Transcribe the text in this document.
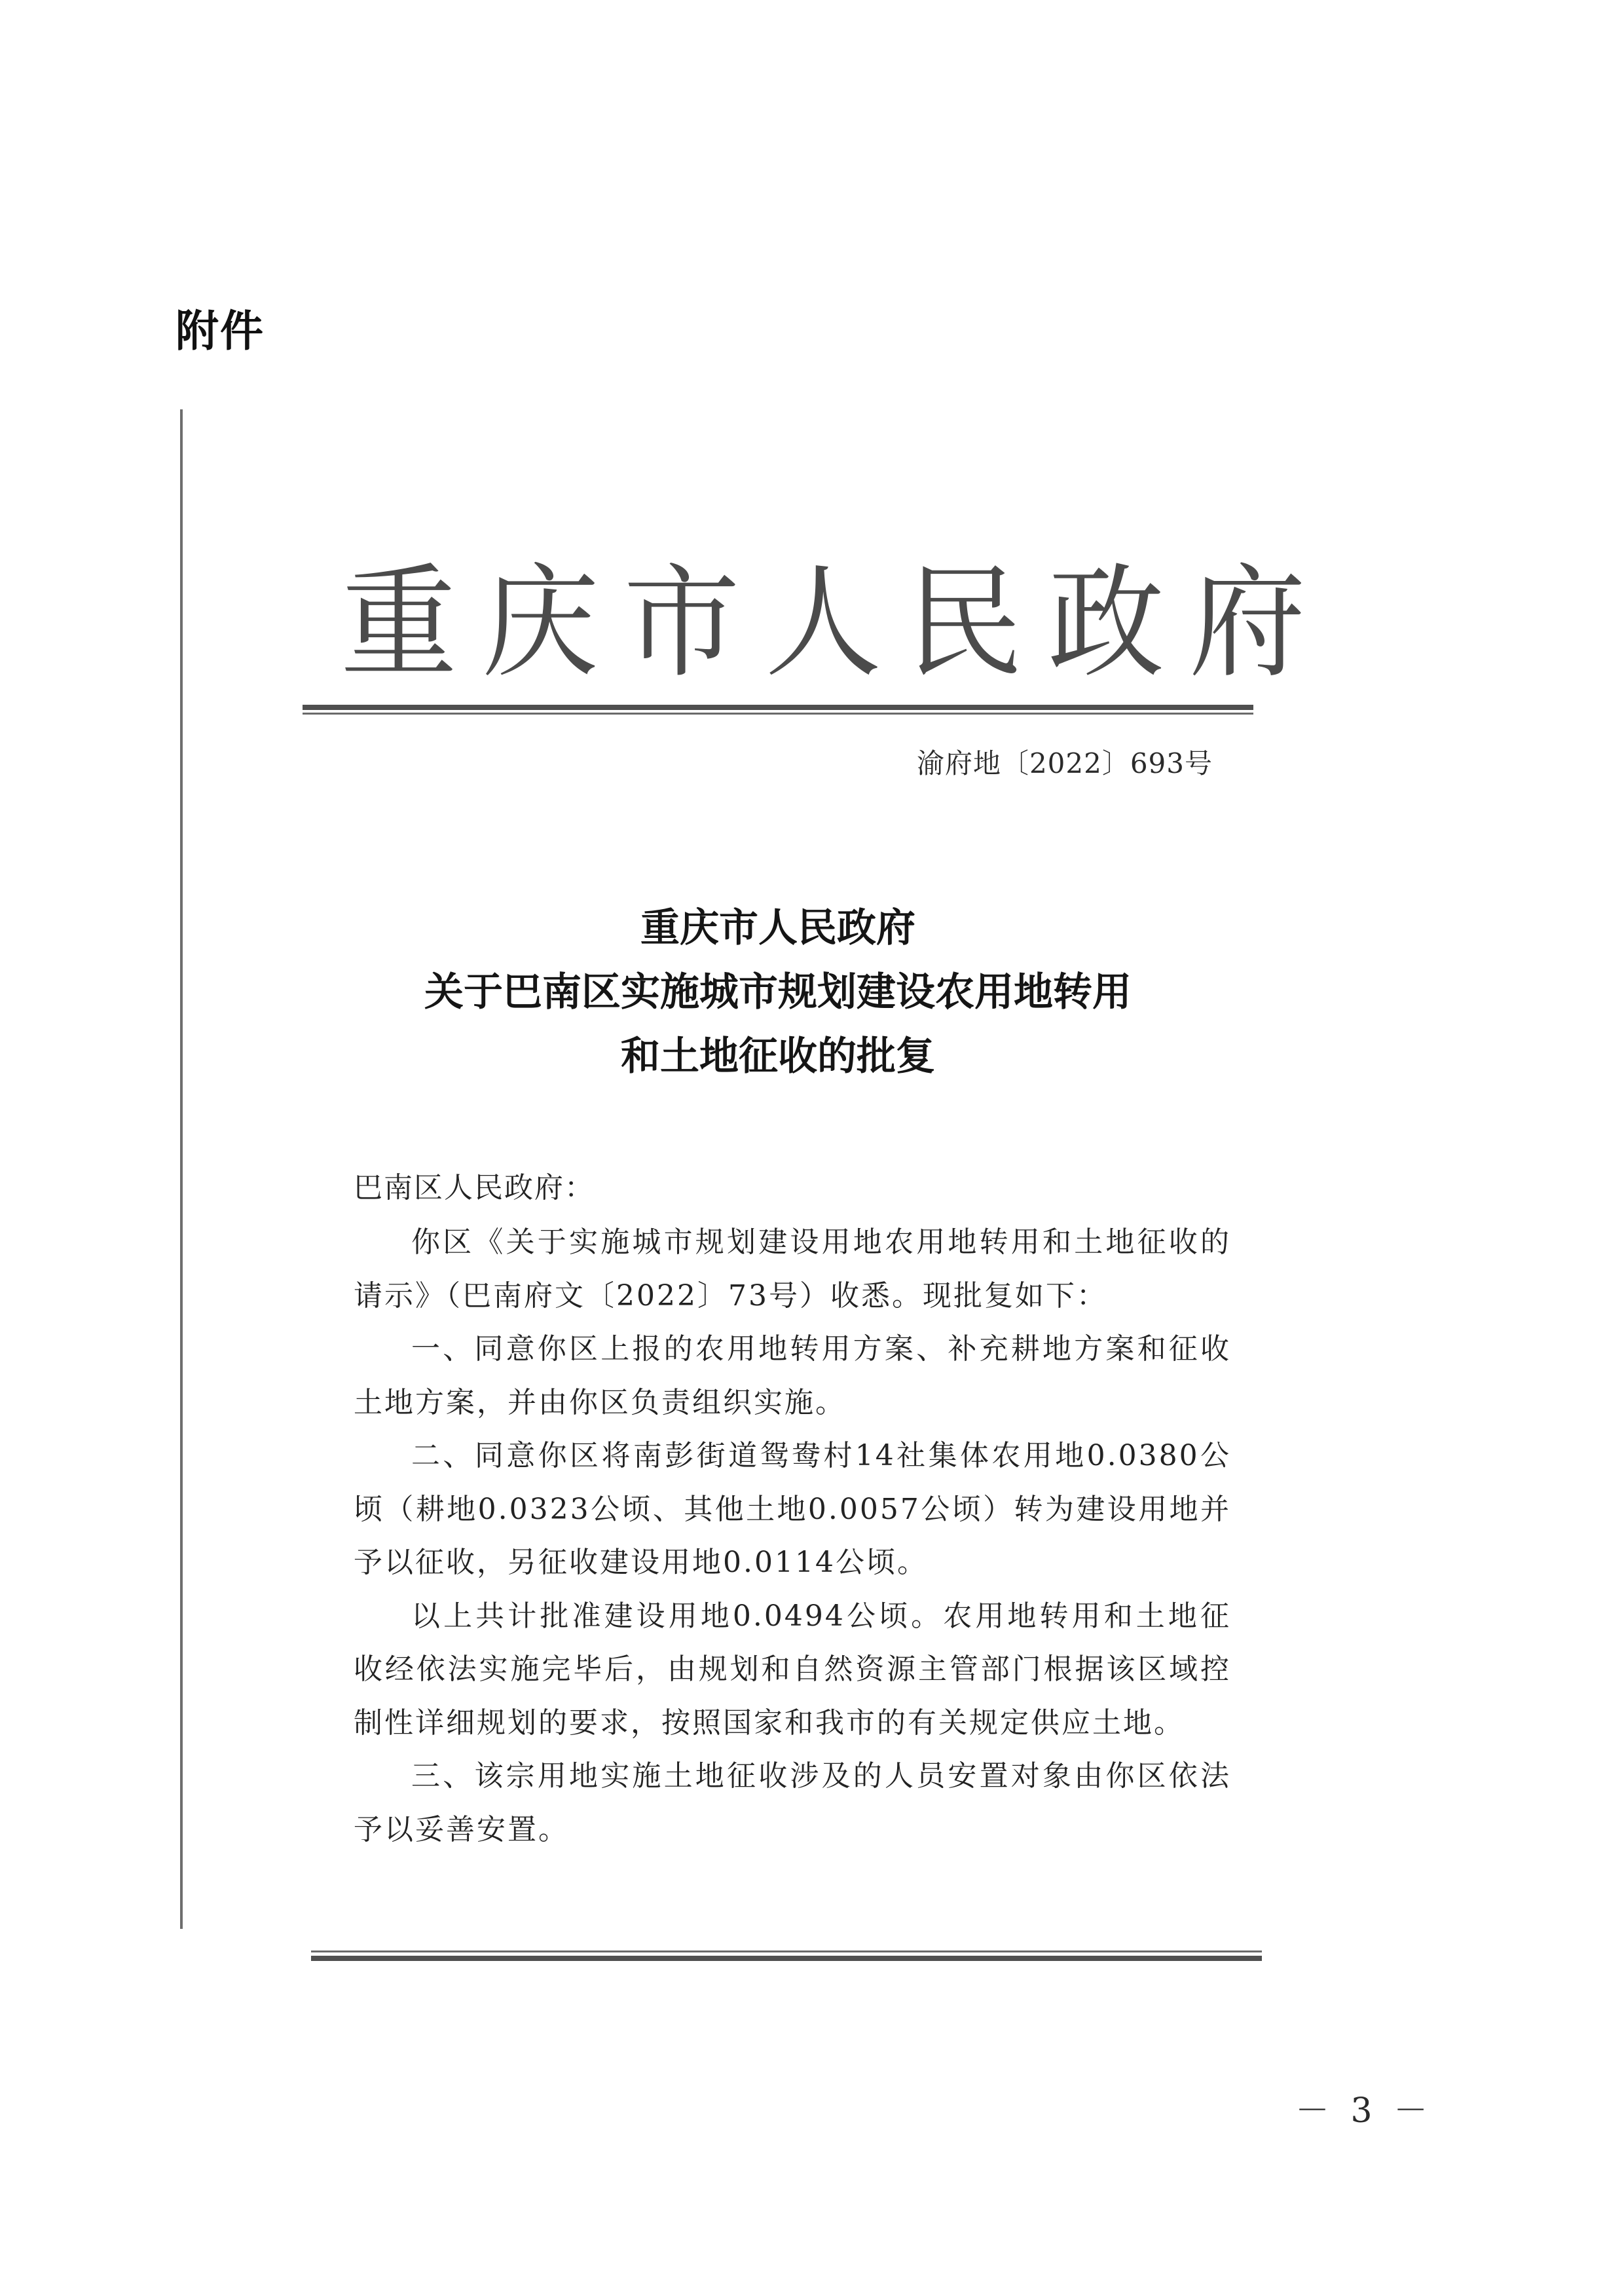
附件
重庆市人民政府
渝府地〔2022〕693号
重庆市人民政府
关于巴南区实施城市规划建设农用地转用
和土地征收的批复
巴南区人民政府：

你区《关于实施城市规划建设用地农用地转用和土地征收的请示》（巴南府文〔2022〕73号）收悉。现批复如下：

一、同意你区上报的农用地转用方案、补充耕地方案和征收土地方案，并由你区负责组织实施。

二、同意你区将南彭街道鸳鸯村14社集体农用地0.0380公顷（耕地0.0323公顷、其他土地0.0057公顷）转为建设用地并予以征收，另征收建设用地0.0114公顷。

以上共计批准建设用地0.0494公顷。农用地转用和土地征收经依法实施完毕后，由规划和自然资源主管部门根据该区域控制性详细规划的要求，按照国家和我市的有关规定供应土地。

三、该宗用地实施土地征收涉及的人员安置对象由你区依法予以妥善安置。

－ 3 －
